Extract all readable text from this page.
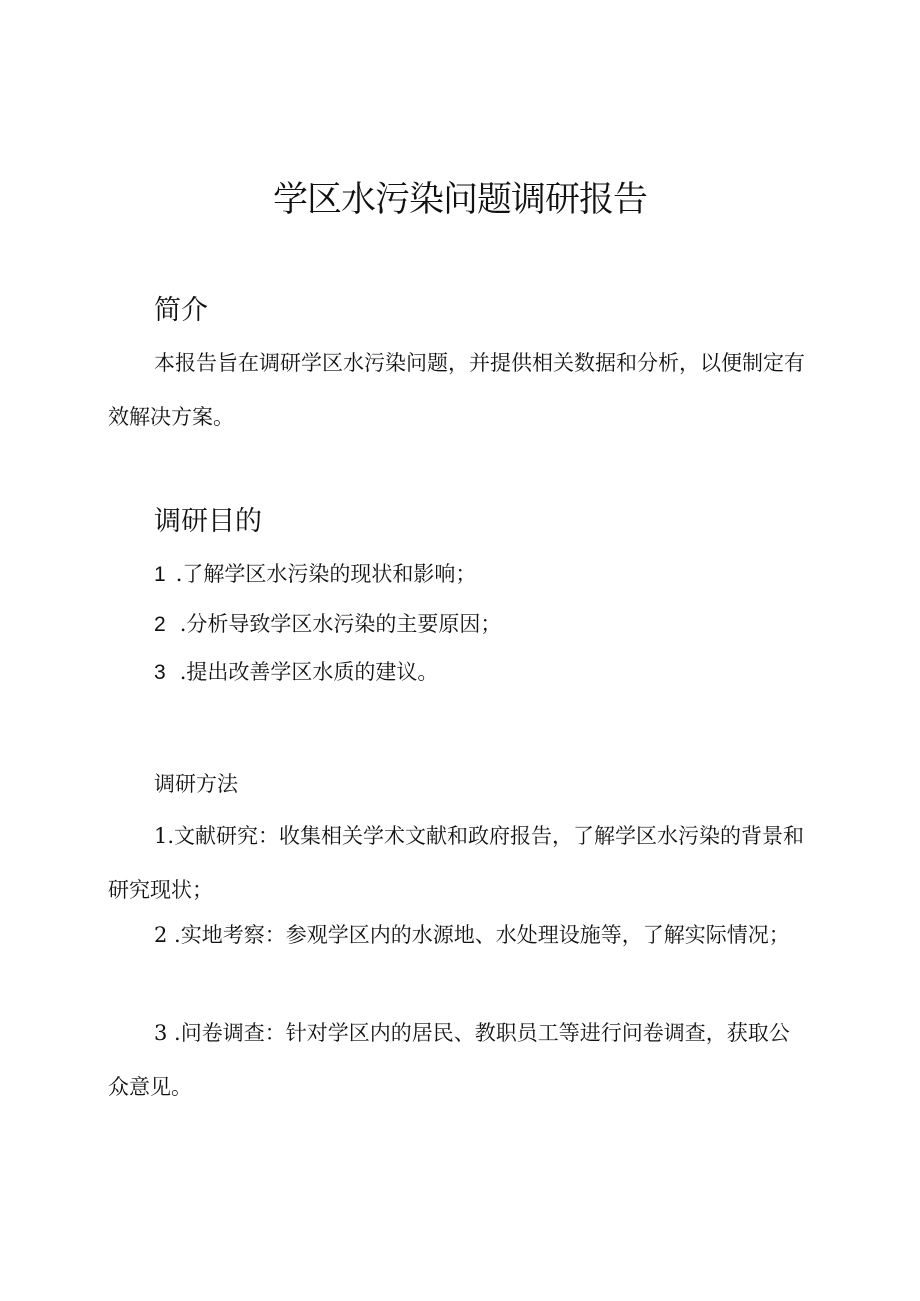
学区水污染问题调研报告
简介

本报告旨在调研学区水污染问题，并提供相关数据和分析，以便制定有效解决方案。

调研目的

1 .了解学区水污染的现状和影响；

2 .分析导致学区水污染的主要原因；

3 .提出改善学区水质的建议。

调研方法

1.文献研究：收集相关学术文献和政府报告，了解学区水污染的背景和研究现状；

2 .实地考察：参观学区内的水源地、水处理设施等，了解实际情况；

3 .问卷调查：针对学区内的居民、教职员工等进行问卷调查，获取公众意见。
